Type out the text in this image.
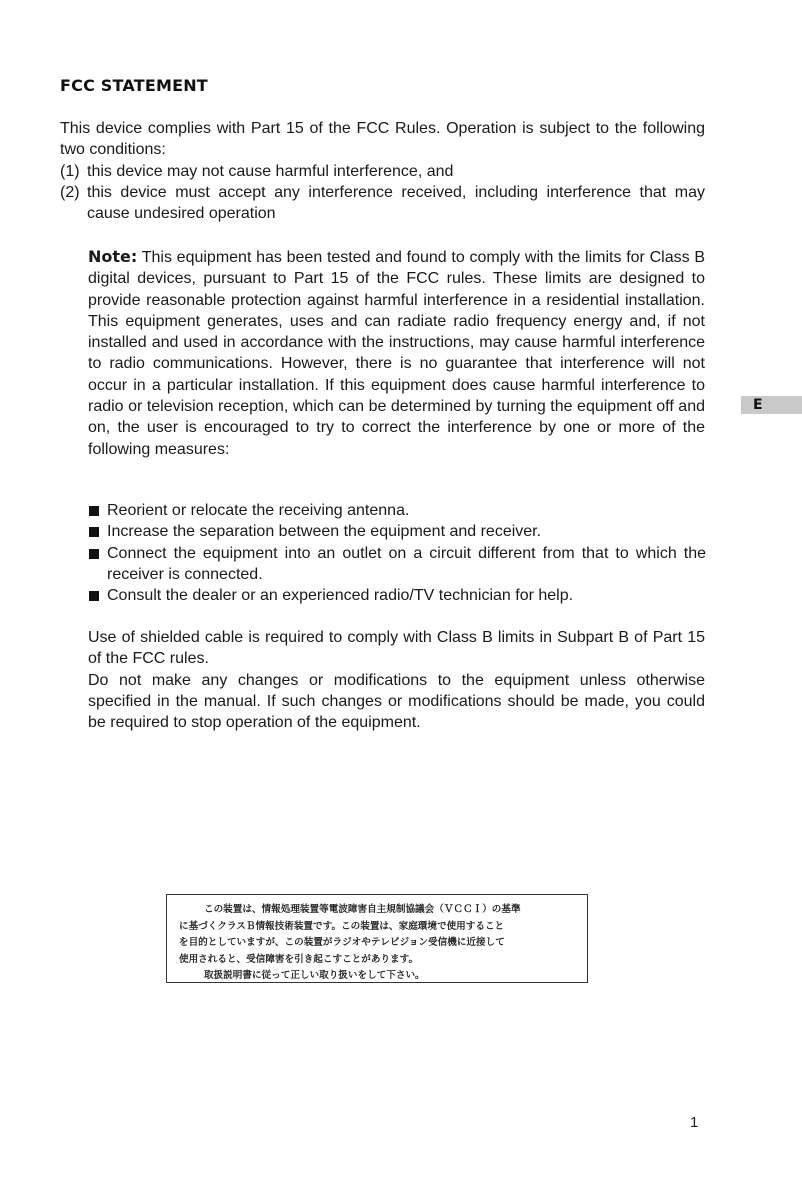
FCC STATEMENT
This device complies with Part 15 of the FCC Rules. Operation is subject to the following two conditions:
(1) this device may not cause harmful interference, and
(2) this device must accept any interference received, including interference that may cause undesired operation
Note: This equipment has been tested and found to comply with the limits for Class B digital devices, pursuant to Part 15 of the FCC rules. These limits are designed to provide reasonable protection against harmful interference in a residential installation. This equipment generates, uses and can radiate radio frequency energy and, if not installed and used in accordance with the instructions, may cause harmful interference to radio communications. However, there is no guarantee that interference will not occur in a particular installation. If this equipment does cause harmful interference to radio or television reception, which can be determined by turning the equipment off and on, the user is encouraged to try to correct the interference by one or more of the following measures:
Reorient or relocate the receiving antenna.
Increase the separation between the equipment and receiver.
Connect the equipment into an outlet on a circuit different from that to which the receiver is connected.
Consult the dealer or an experienced radio/TV technician for help.
Use of shielded cable is required to comply with Class B limits in Subpart B of Part 15 of the FCC rules.
Do not make any changes or modifications to the equipment unless otherwise specified in the manual. If such changes or modifications should be made, you could be required to stop operation of the equipment.
E

この装置は、情報処理装置等電波障害自主規制協議会（ＶＣＣＩ）の基準

に基づくクラスＢ情報技術装置です。この装置は、家庭環境で使用すること

を目的としていますが、この装置がラジオやテレビジョン受信機に近接して

使用されると、受信障害を引き起こすことがあります。

取扱説明書に従って正しい取り扱いをして下さい。

1
